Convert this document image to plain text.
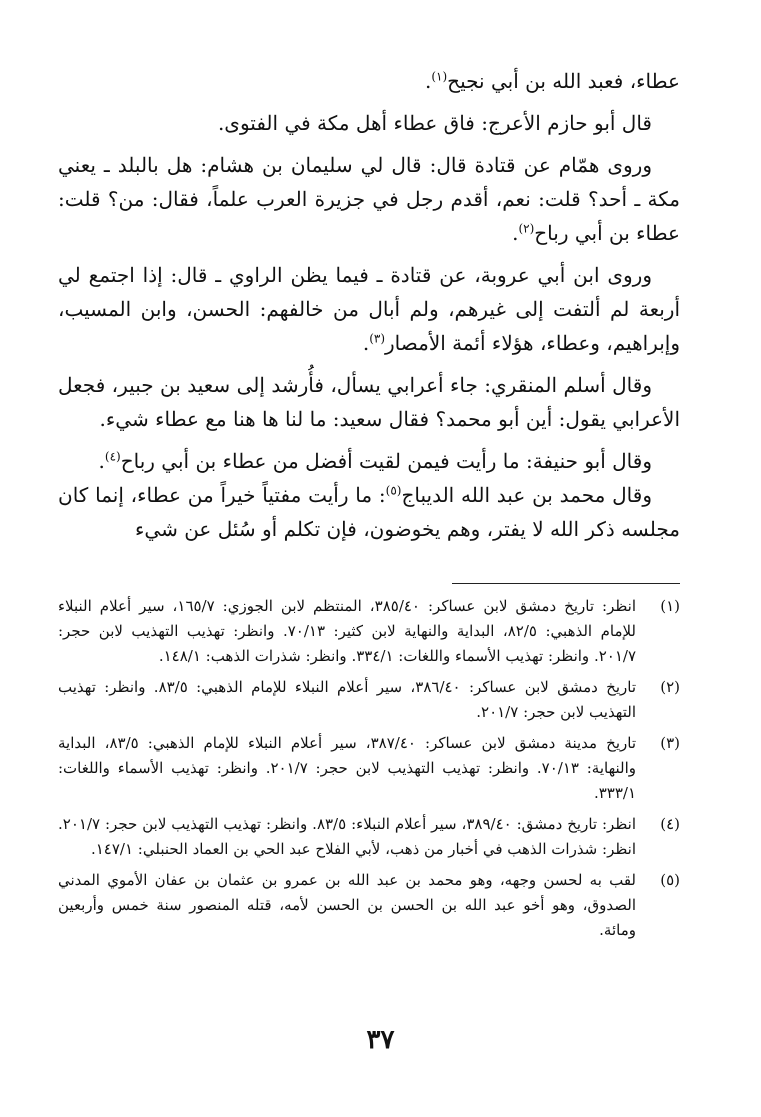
عطاء، فعبد الله بن أبي نجيح$^{(١)}$.

قال أبو حازم الأعرج: فاق عطاء أهل مكة في الفتوى.

وروى همّام عن قتادة قال: قال لي سليمان بن هشام: هل بالبلد ـ يعني مكة ـ أحد؟ قلت: نعم، أقدم رجل في جزيرة العرب علماً، فقال: من؟ قلت: عطاء بن أبي رباح$^{(٢)}$.

وروى ابن أبي عروبة، عن قتادة ـ فيما يظن الراوي ـ قال: إذا اجتمع لي أربعة لم ألتفت إلى غيرهم، ولم أبال من خالفهم: الحسن، وابن المسيب، وإبراهيم، وعطاء، هؤلاء أئمة الأمصار$^{(٣)}$.

وقال أسلم المنقري: جاء أعرابي يسأل، فأُرشد إلى سعيد بن جبير، فجعل الأعرابي يقول: أين أبو محمد؟ فقال سعيد: ما لنا ها هنا مع عطاء شيء.

وقال أبو حنيفة: ما رأيت فيمن لقيت أفضل من عطاء بن أبي رباح$^{(٤)}$.

وقال محمد بن عبد الله الديباج$^{(٥)}$: ما رأيت مفتياً خيراً من عطاء، إنما كان مجلسه ذكر الله لا يفتر، وهم يخوضون، فإن تكلم أو سُئل عن شيء

(١)
انظر: تاريخ دمشق لابن عساكر: ٣٨٥/٤٠، المنتظم لابن الجوزي: ١٦٥/٧، سير أعلام النبلاء للإمام الذهبي: ٨٢/٥، البداية والنهاية لابن كثير: ٧٠/١٣. وانظر: تهذيب التهذيب لابن حجر: ٢٠١/٧. وانظر: تهذيب الأسماء واللغات: ٣٣٤/١. وانظر: شذرات الذهب: ١٤٨/١.
(٢)
تاريخ دمشق لابن عساكر: ٣٨٦/٤٠، سير أعلام النبلاء للإمام الذهبي: ٨٣/٥. وانظر: تهذيب التهذيب لابن حجر: ٢٠١/٧.
(٣)
تاريخ مدينة دمشق لابن عساكر: ٣٨٧/٤٠، سير أعلام النبلاء للإمام الذهبي: ٨٣/٥، البداية والنهاية: ٧٠/١٣. وانظر: تهذيب التهذيب لابن حجر: ٢٠١/٧. وانظر: تهذيب الأسماء واللغات: ٣٣٣/١.
(٤)
انظر: تاريخ دمشق: ٣٨٩/٤٠، سير أعلام النبلاء: ٨٣/٥. وانظر: تهذيب التهذيب لابن حجر: ٢٠١/٧. انظر: شذرات الذهب في أخبار من ذهب، لأبي الفلاح عبد الحي بن العماد الحنبلي: ١٤٧/١.
(٥)
لقب به لحسن وجهه، وهو محمد بن عبد الله بن عمرو بن عثمان بن عفان الأموي المدني الصدوق، وهو أخو عبد الله بن الحسن بن الحسن لأمه، قتله المنصور سنة خمس وأربعين ومائة.
٣٧
